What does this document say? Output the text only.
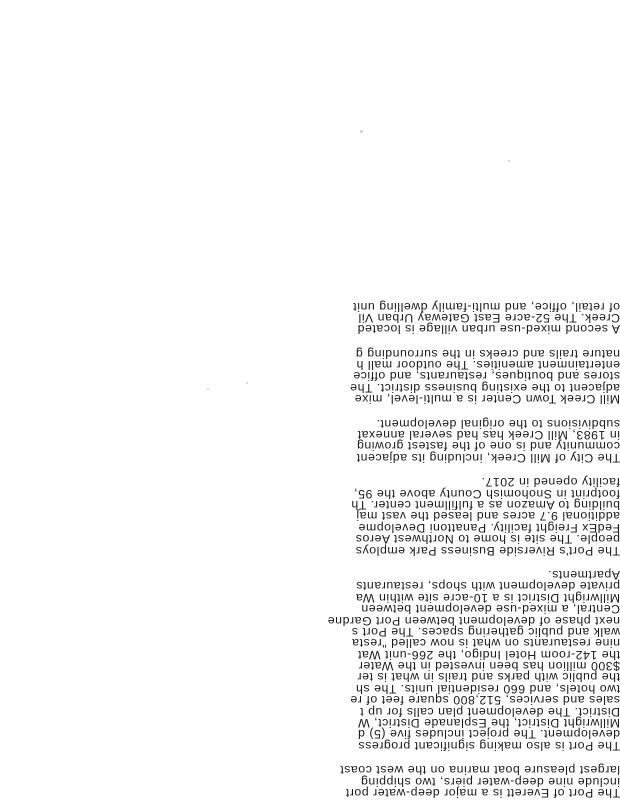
The Port of Everett is a major deep-water port
include nine deep-water piers, two shipping
largest pleasure boat marina on the west coast
The Port is also making significant progress
development. The project includes five (5) d
Millwright District, the Esplanade District, W
District. The development plan calls for up t
sales and services, 512,800 square feet of re
two hotels, and 660 residential units. The sh
the public with parks and trails in what is ter
$300 million has been invested in the Water
the 142-room Hotel Indigo, the 266-unit Wat
nine restaurants on what is now called "resta
walk and public gathering spaces. The Port s
next phase of development between Port Gardne
Central, a mixed-use development between
Millwright District is a 10-acre site within Wa
private development with shops, restaurants
Apartments.
The Port's Riverside Business Park employs
people. The site is home to Northwest Aeros
FedEx Freight facility. Panattoni Developme
additional 9.7 acres and leased the vast maj
building to Amazon as a fulfillment center. Th
footprint in Snohomish County above the 95,
facility opened in 2017.
The City of Mill Creek, including its adjacent
community and is one of the fastest growing
in 1983, Mill Creek has had several annexat
subdivisions to the original development.
Mill Creek Town Center is a multi-level, mixe
adjacent to the existing business district. The
stores and boutiques, restaurants, and office
entertainment amenities. The outdoor mall h
nature trails and creeks in the surrounding g
A second mixed-use urban village is located
Creek. The 52-acre East Gateway Urban Vil
of retail, office, and multi-family dwelling unit
